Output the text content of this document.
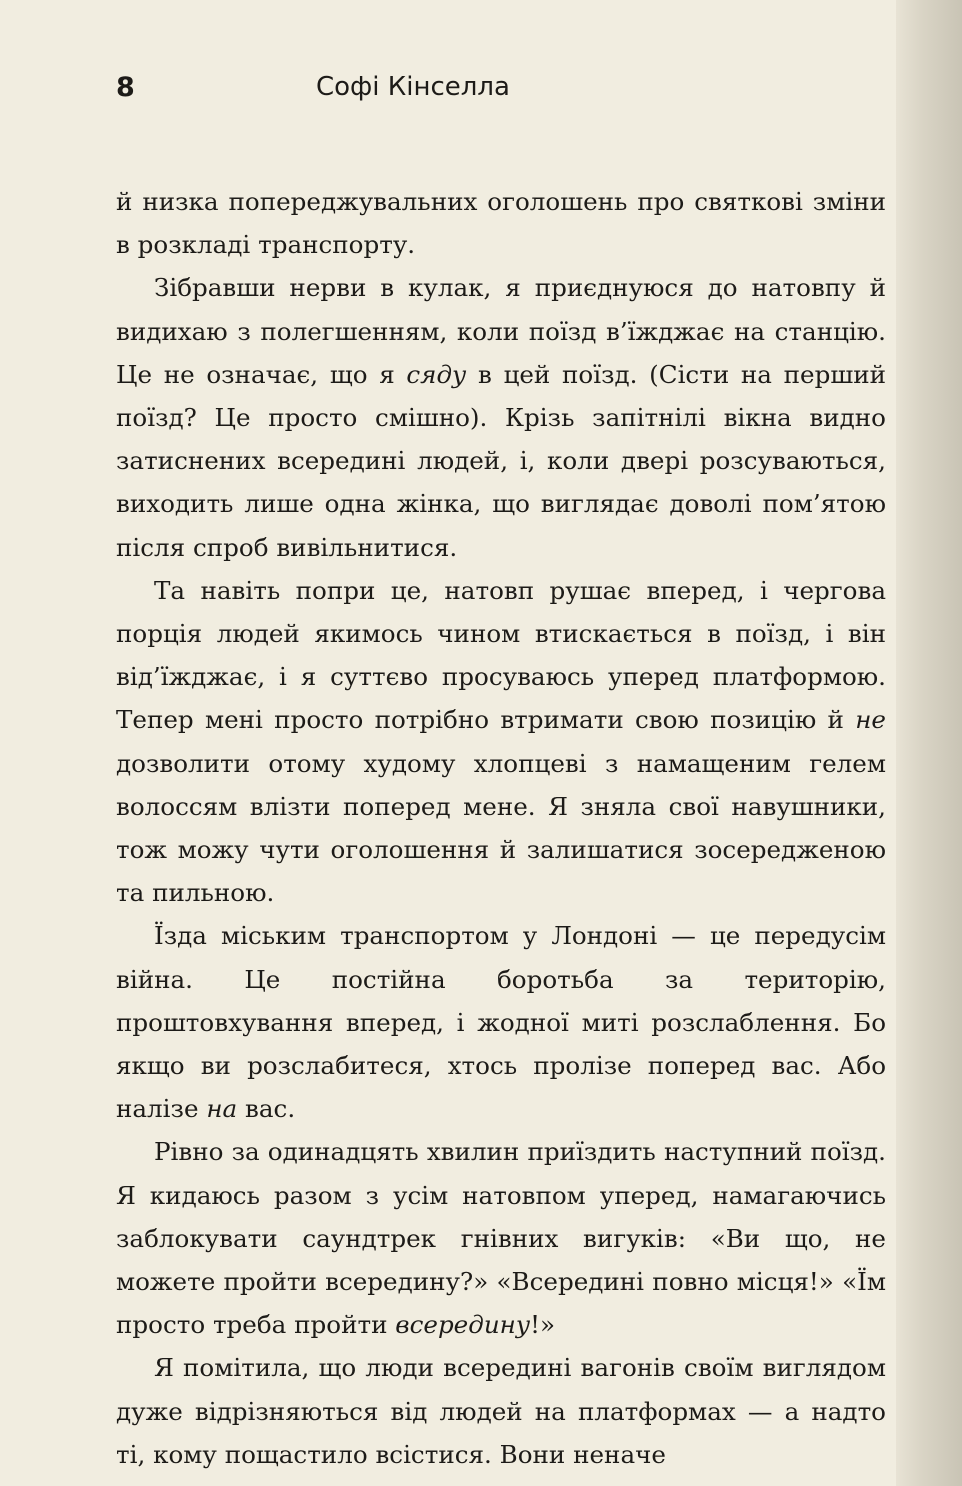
8	Софі Кінселла

й низка попереджувальних оголошень про святкові зміни в розкладі транспорту.

Зібравши нерви в кулак, я приєднуюся до натовпу й видихаю з полегшенням, коли поїзд в’їжджає на станцію. Це не означає, що я сяду в цей поїзд. (Сісти на перший поїзд? Це просто смішно). Крізь запітнілі вікна видно затиснених всередині людей, і, коли двері розсуваються, виходить лише одна жінка, що виглядає доволі пом’ятою після спроб вивільнитися.

Та навіть попри це, натовп рушає вперед, і чергова порція людей якимось чином втискається в поїзд, і він від’їжджає, і я суттєво просуваюсь уперед платформою. Тепер мені просто потрібно втримати свою позицію й не дозволити отому худому хлопцеві з намащеним гелем волоссям влізти поперед мене. Я зняла свої навушники, тож можу чути оголошення й залишатися зосередженою та пильною.

Їзда міським транспортом у Лондоні — це передусім війна. Це постійна боротьба за територію, проштовхування вперед, і жодної миті розслаблення. Бо якщо ви розслабитеся, хтось пролізе поперед вас. Або налізе на вас.

Рівно за одинадцять хвилин приїздить наступний поїзд. Я кидаюсь разом з усім натовпом уперед, намагаючись заблокувати саундтрек гнівних вигуків: «Ви що, не можете пройти всередину?» «Всередині повно місця!» «Їм просто треба пройти всередину!»

Я помітила, що люди всередині вагонів своїм виглядом дуже відрізняються від людей на платформах — а надто ті, кому пощастило всістися. Вони неначе
